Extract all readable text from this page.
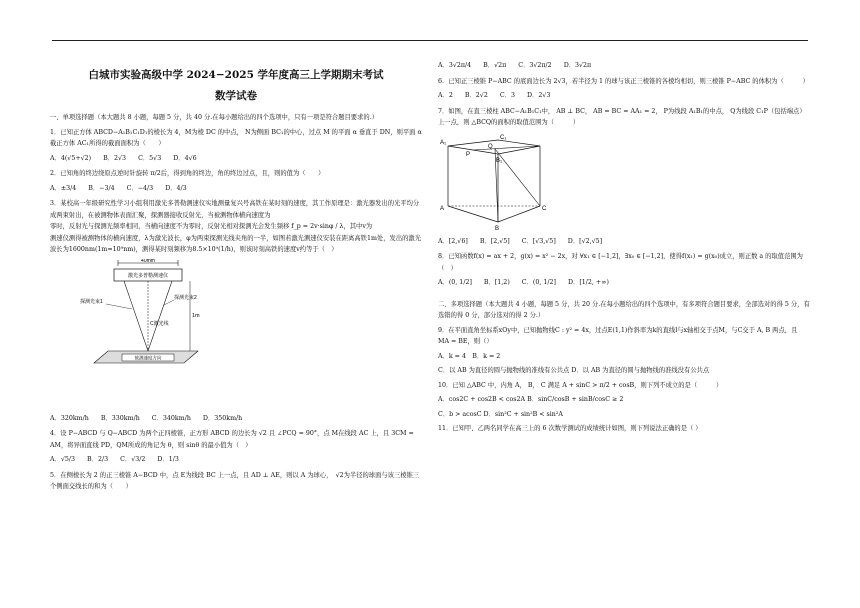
白城市实验高级中学 2024−2025 学年度高三上学期期末考试
数学试卷
一、单项选择题（本大题共 8 小题，每题 5 分，共 40 分.在每小题给出的四个选项中，只有一项是符合题目要求的.）
1．已知正方体 ABCD−A₁B₁C₁D₁的棱长为 4，M为棱 DC 的中点， N为侧面 BC₁的中心，过点 M 的平面 α 垂直于 DN，则平面 α截正方体 AC₁所得的截面面积为（　　）
A．4(√5+√2) B．2√3 C．5√3 D．4√6
2．已知角的终边绕原点逆时针旋转 π/2后，得到角的终边，角的终边过点，且，则的值为（　　）
A．±3/4 B．−3/4 C．−4/3 D．4/3
3．某校高一年级研究性学习小组利用激光多普勒测速仪实地测量复兴号高铁在某时刻的速度，其工作原理是：激光器发出的光平均分成两束射出，在被测物体表面汇聚，探测器接收反射光，当被测物体横向速度为
零时，反射光与探测光频率相同，当横向速度不为零时，反射光相对探测光会发生频移 f_p = 2v·sinφ / λ，其中v为
测速仪测得被测物体的横向速度，λ为激光波长，φ为两束探测光线夹角的一半，如图若激光测速仪安装在距离高铁1m处，发出的激光波长为1600nm(1m=10⁹nm)，测得某时刻频移为8.5×10⁹(1/h)，则该时刻高铁的速度v约等于（　）
40mm
激光多普勒测速仪
探测光束1
探测光束2
C激光线
1m
被测速度方向
A．320km/h B．330km/h C．340km/h D．350km/h
4．设 P−ABCD 与 Q−ABCD 为两个正四棱锥，正方形 ABCD 的边长为 √2 且 ∠PCQ = 90°，点 M在线段 AC 上，且 3CM = AM，将异面直线 PD，QM所成的角记为 θ，则 sinθ 的最小值为（　）
A．√5/3 B．2/3 C．√3/2 D．1/3
5．在侧棱长为 2 的正三棱锥 A−BCD 中，点 E为线段 BC 上一点，且 AD ⊥ AE，则以 A 为球心，　√2为半径的球面与该三棱锥三个侧面交线长的和为（　　）
A．3√2π/4 B．√2π C．3√2π/2 D．3√2π
6．已知正三棱锥 P−ABC 的底面边长为 2√3，若半径为 1 的球与该正三棱锥的各棱均相切，则三棱锥 P−ABC 的体积为（　　　）
A．2 B．2√2 C．3 D．2√3
7．如图，在直三棱柱 ABC−A₁B₁C₁中， AB ⊥ BC， AB = BC = AA₁ = 2， P为线段 A₁B₁的中点， Q为线段 C₁P（包括端点）上一点，则 △BCQ的面积的取值范围为（　　　）
A₁
C₁
B₁
P
Q
A	C
B
A．[2,√6] B．[2,√5] C．[√3,√5] D．[√2,√5]
8．已知函数f(x) = ax + 2，g(x) = x² − 2x，对 ∀x₁ ∈ [−1,2]，∃x₀ ∈ [−1,2]，使得f(x₁) = g(x₀)成立，则正数 a 的取值范围为（　）
A．(0, 1/2] B．[1,2) C．(0, 1/2] D．[1/2, +∞)
二、多项选择题（本大题共 4 小题，每题 5 分，共 20 分.在每小题给出的四个选项中，有多项符合题目要求，全部选对的得 5 分，有选错的得 0 分，部分选对的得 2 分.）
9．在平面直角坐标系xOy中，已知抛物线C : y² = 4x，过点E(1,1)作斜率为k的直线l与x轴相交于点M，与C交于 A, B 两点，且 MA = BE，则（）
A．k = 4　B．k = 2
C．以 AB 为直径的圆与抛物线的准线有公共点 D．以 AB 为直径的圆与抛物线的准线没有公共点
10．已知 △ABC 中，内角 A， B， C 满足 A + sinC > π/2 + cosB，则下列不成立的是（　　　）
A．cos2C + cos2B < cos2A B．sinC/cosB + sinB/cosC ≥ 2
C．b > acosC D．sin²C + sin²B < sin²A
11．已知甲、乙两名同学在高三上的 6 次数学测试的成绩统计如图，则下列说法正确的是（ ）
